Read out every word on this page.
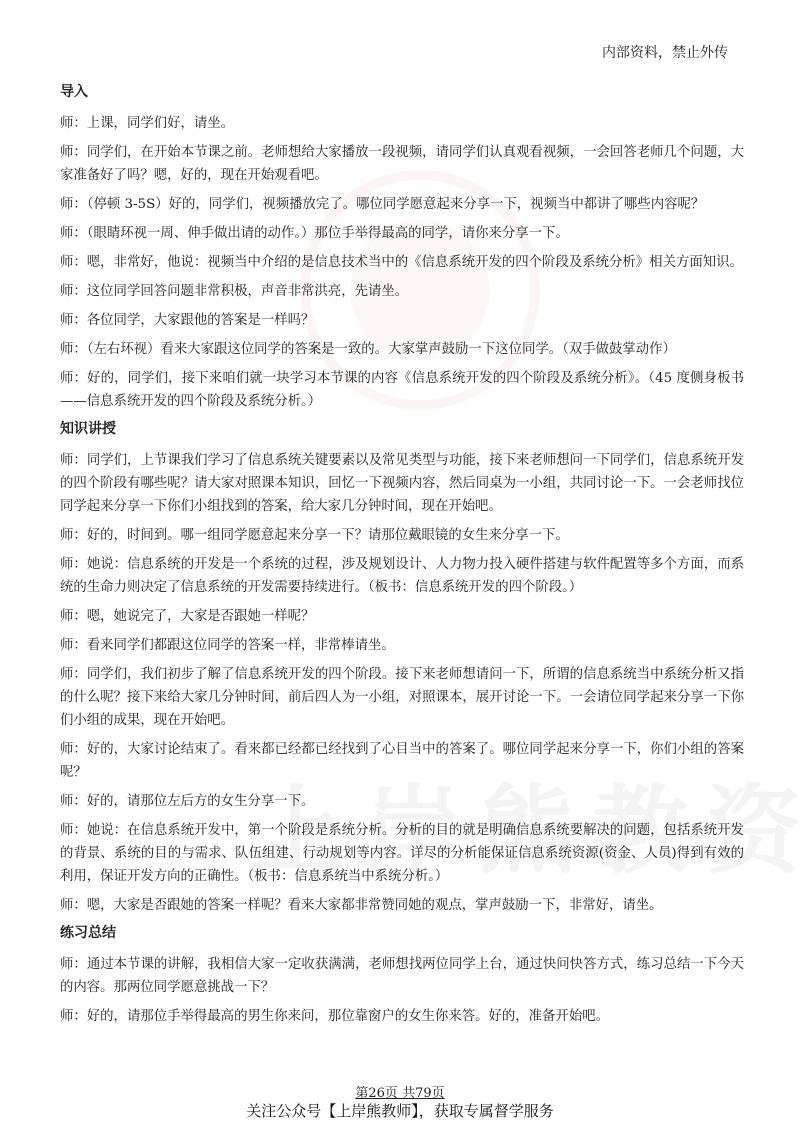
内部资料，禁止外传
导入

师：上课，同学们好，请坐。

师：同学们，在开始本节课之前。老师想给大家播放一段视频，请同学们认真观看视频，一会回答老师几个问题，大家准备好了吗？嗯，好的，现在开始观看吧。

师：（停顿 3-5S）好的，同学们，视频播放完了。哪位同学愿意起来分享一下，视频当中都讲了哪些内容呢？

师：（眼睛环视一周、伸手做出请的动作。）那位手举得最高的同学，请你来分享一下。

师：嗯，非常好，他说：视频当中介绍的是信息技术当中的《信息系统开发的四个阶段及系统分析》相关方面知识。

师：这位同学回答问题非常积极，声音非常洪亮，先请坐。

师：各位同学，大家跟他的答案是一样吗？

师：（左右环视）看来大家跟这位同学的答案是一致的。大家掌声鼓励一下这位同学。（双手做鼓掌动作）

师：好的，同学们，接下来咱们就一块学习本节课的内容《信息系统开发的四个阶段及系统分析》。（45 度侧身板书——信息系统开发的四个阶段及系统分析。）

知识讲授

师：同学们，上节课我们学习了信息系统关键要素以及常见类型与功能，接下来老师想问一下同学们，信息系统开发的四个阶段有哪些呢？请大家对照课本知识，回忆一下视频内容，然后同桌为一小组，共同讨论一下。一会老师找位同学起来分享一下你们小组找到的答案，给大家几分钟时间，现在开始吧。

师：好的，时间到。哪一组同学愿意起来分享一下？请那位戴眼镜的女生来分享一下。

师：她说：信息系统的开发是一个系统的过程，涉及规划设计、人力物力投入硬件搭建与软件配置等多个方面，而系统的生命力则决定了信息系统的开发需要持续进行。（板书：信息系统开发的四个阶段。）

师：嗯，她说完了，大家是否跟她一样呢？

师：看来同学们都跟这位同学的答案一样，非常棒请坐。

师：同学们，我们初步了解了信息系统开发的四个阶段。接下来老师想请问一下，所谓的信息系统当中系统分析又指的什么呢？接下来给大家几分钟时间，前后四人为一小组，对照课本，展开讨论一下。一会请位同学起来分享一下你们小组的成果，现在开始吧。

师：好的，大家讨论结束了。看来都已经都已经找到了心目当中的答案了。哪位同学起来分享一下，你们小组的答案呢？

师：好的，请那位左后方的女生分享一下。

师：她说：在信息系统开发中，第一个阶段是系统分析。分析的目的就是明确信息系统要解决的问题，包括系统开发的背景、系统的目的与需求、队伍组建、行动规划等内容。详尽的分析能保证信息系统资源(资金、人员)得到有效的利用，保证开发方向的正确性。（板书：信息系统当中系统分析。）

师：嗯，大家是否跟她的答案一样呢？看来大家都非常赞同她的观点，掌声鼓励一下，非常好，请坐。

练习总结

师：通过本节课的讲解，我相信大家一定收获满满，老师想找两位同学上台，通过快问快答方式，练习总结一下今天的内容。那两位同学愿意挑战一下？

师：好的，请那位手举得最高的男生你来问，那位靠窗户的女生你来答。好的，准备开始吧。

第26页 共79页
关注公众号【上岸熊教师】，获取专属督学服务
